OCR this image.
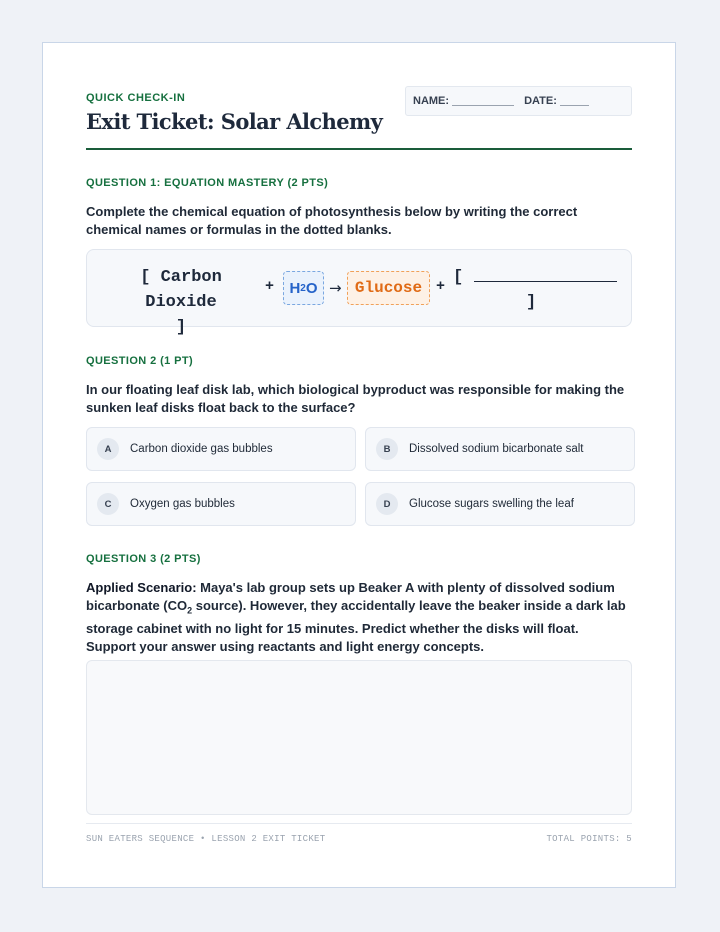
QUICK CHECK-IN
Exit Ticket: Solar Alchemy
NAME:	DATE:
QUESTION 1: EQUATION MASTERY (2 PTS)
Complete the chemical equation of photosynthesis below by writing the correct chemical names or formulas in the dotted blanks.
[ Carbon Dioxide
]
+ H 2 O → Glucose + [
]
QUESTION 2 (1 PT)
In our floating leaf disk lab, which biological byproduct was responsible for making the sunken leaf disks float back to the surface?
A	Carbon dioxide gas bubbles	B	Dissolved sodium bicarbonate salt
C	Oxygen gas bubbles	D	Glucose sugars swelling the leaf
QUESTION 3 (2 PTS)
Applied Scenario: Maya's lab group sets up Beaker A with plenty of dissolved sodium bicarbonate ($CO_2$ source). However, they accidentally leave the beaker inside a dark lab storage cabinet with no light for 15 minutes. Predict whether the disks will float. Support your answer using reactants and light energy concepts.
SUN EATERS SEQUENCE • LESSON 2 EXIT TICKET	TOTAL POINTS: 5
